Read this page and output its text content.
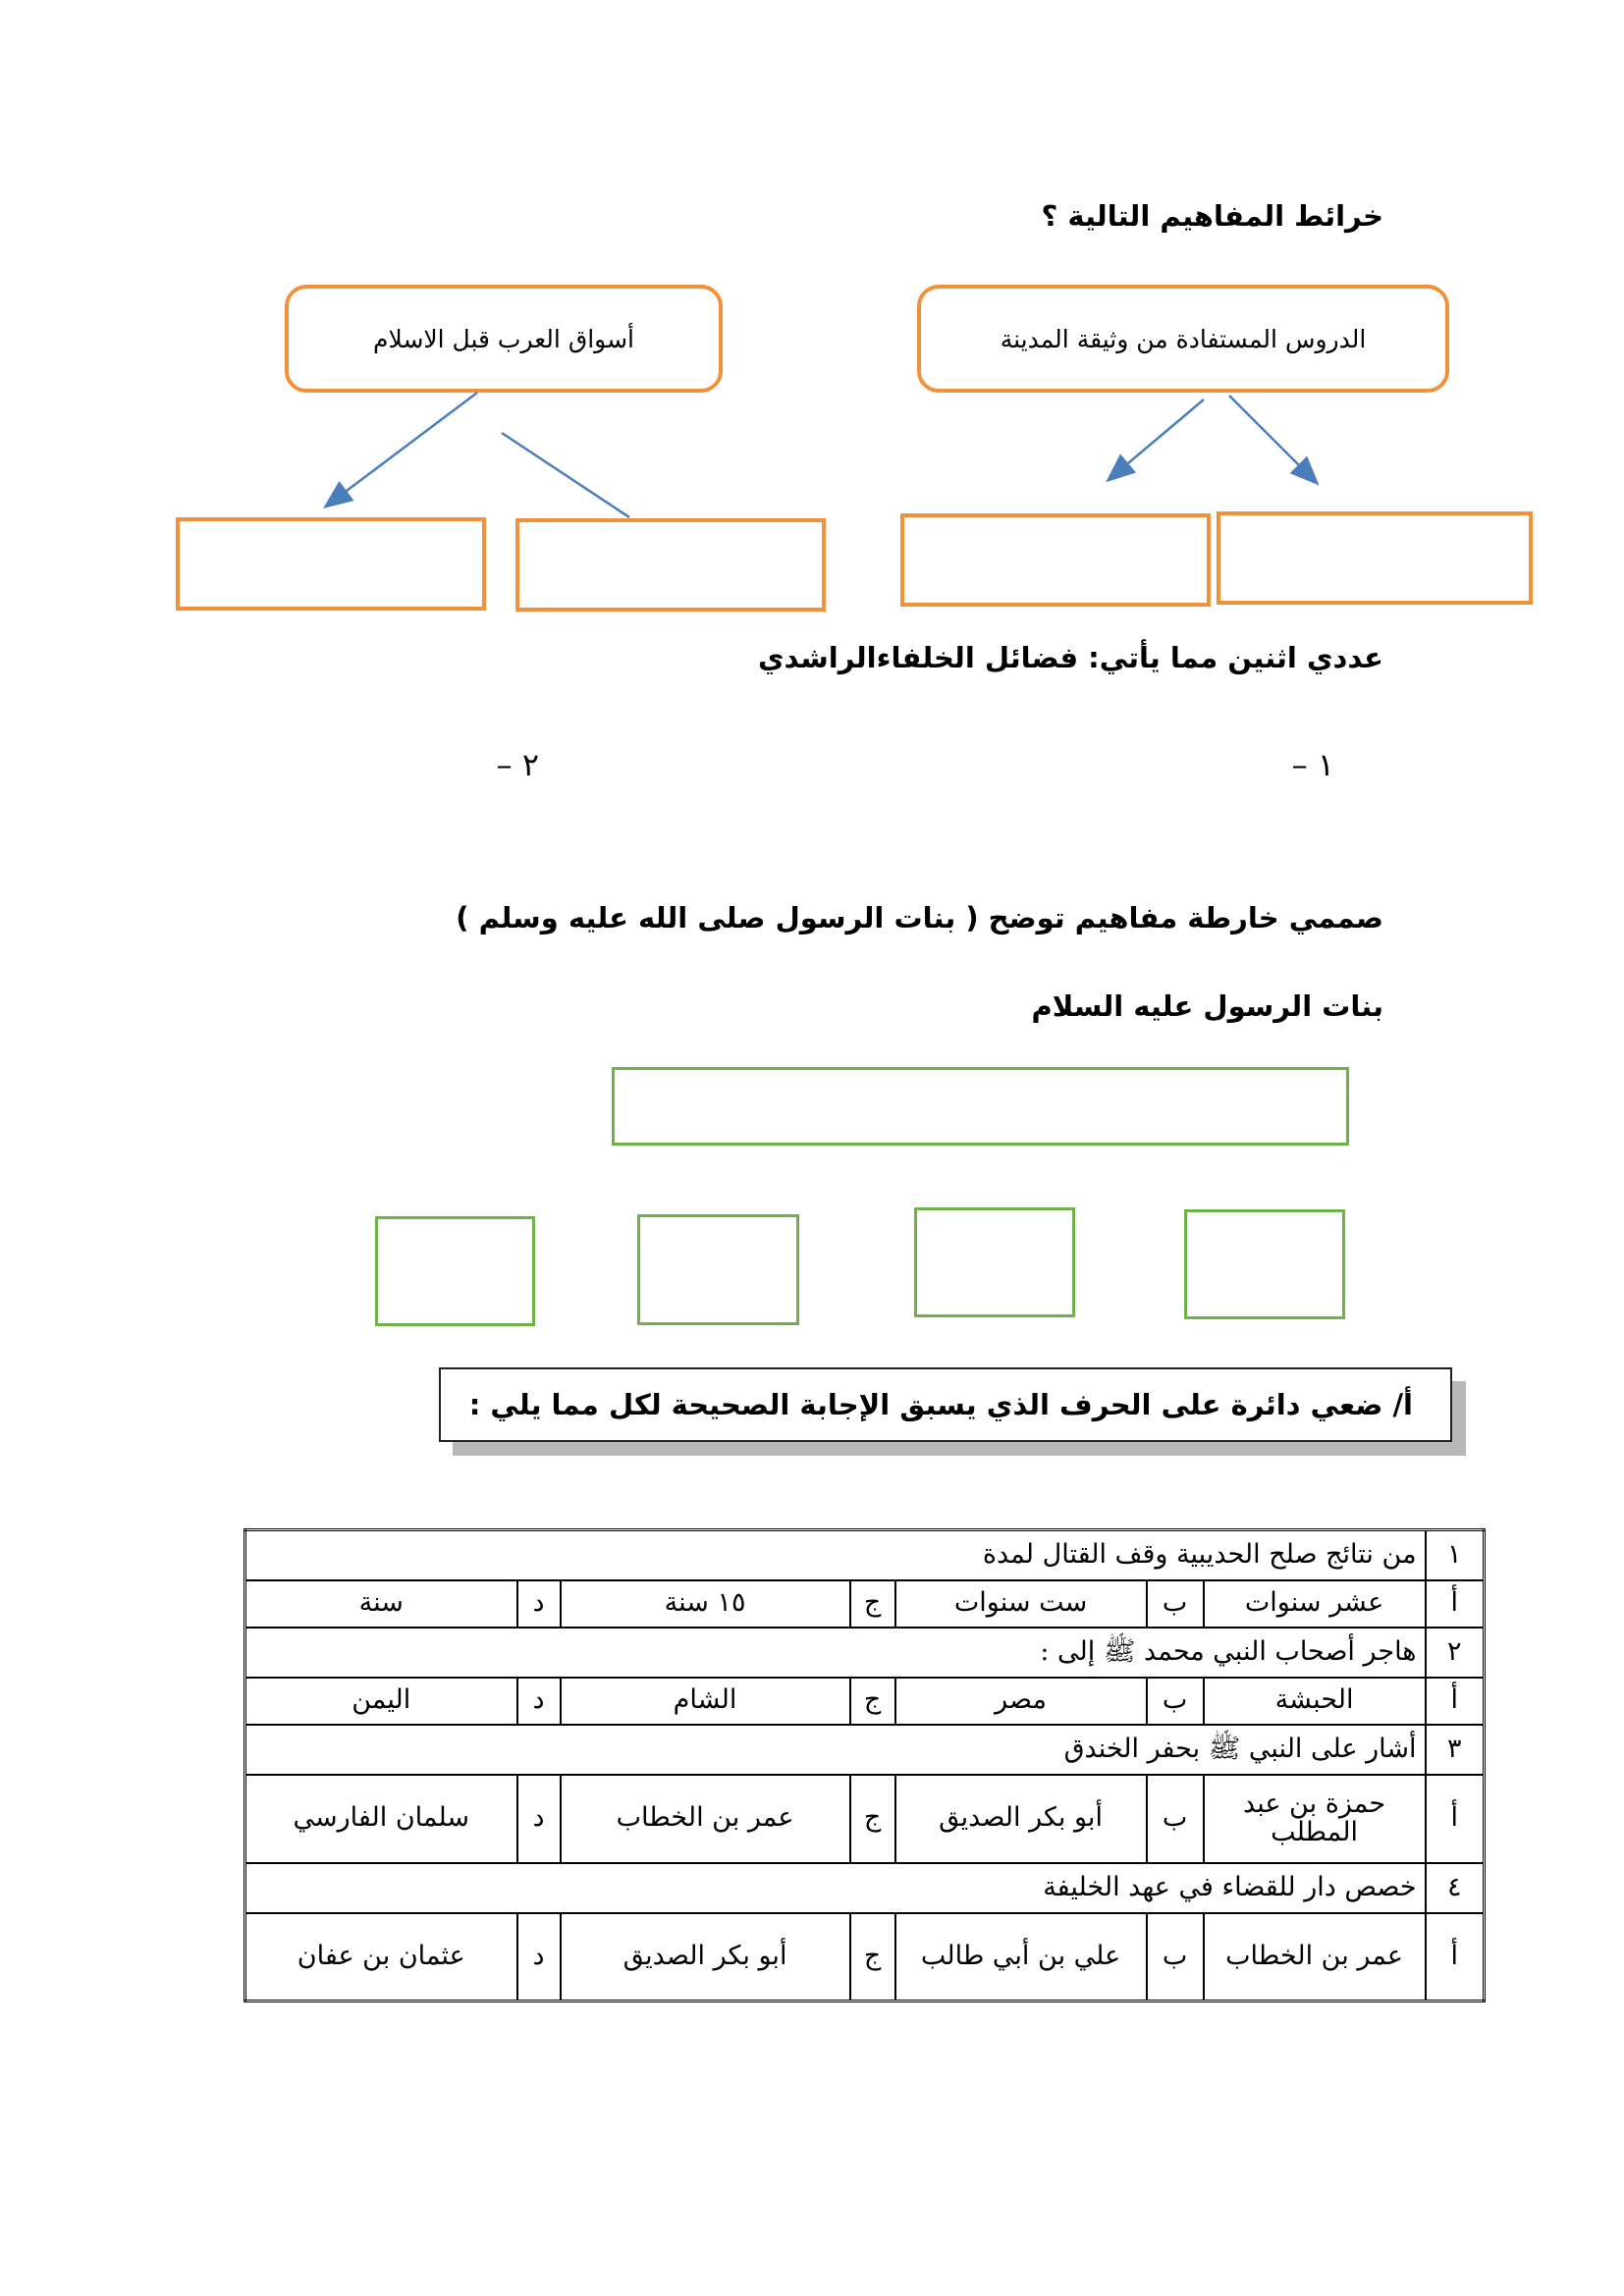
خرائط المفاهيم التالية ؟
أسواق العرب قبل الاسلام	الدروس المستفادة من وثيقة المدينة
عددي اثنين مما يأتي: فضائل الخلفاءالراشدي
١ –
٢ –
صممي خارطة مفاهيم توضح ( بنات الرسول صلى الله عليه وسلم )
بنات الرسول عليه السلام
أ/ ضعي دائرة على الحرف الذي يسبق الإجابة الصحيحة لكل مما يلي :
١	من نتائج صلح الحديبية وقف القتال لمدة						
أ	عشر سنوات	ب	ست سنوات	ج	١٥ سنة	د	سنة
٢	هاجر أصحاب النبي محمد ﷺ إلى :						
أ	الحبشة	ب	مصر	ج	الشام	د	اليمن
٣	أشار على النبي ﷺ بحفر الخندق						
أ	حمزة بن عبد المطلب	ب	أبو بكر الصديق	ج	عمر بن الخطاب	د	سلمان الفارسي
٤	خصص دار للقضاء في عهد الخليفة						
أ	عمر بن الخطاب	ب	علي بن أبي طالب	ج	أبو بكر الصديق	د	عثمان بن عفان
